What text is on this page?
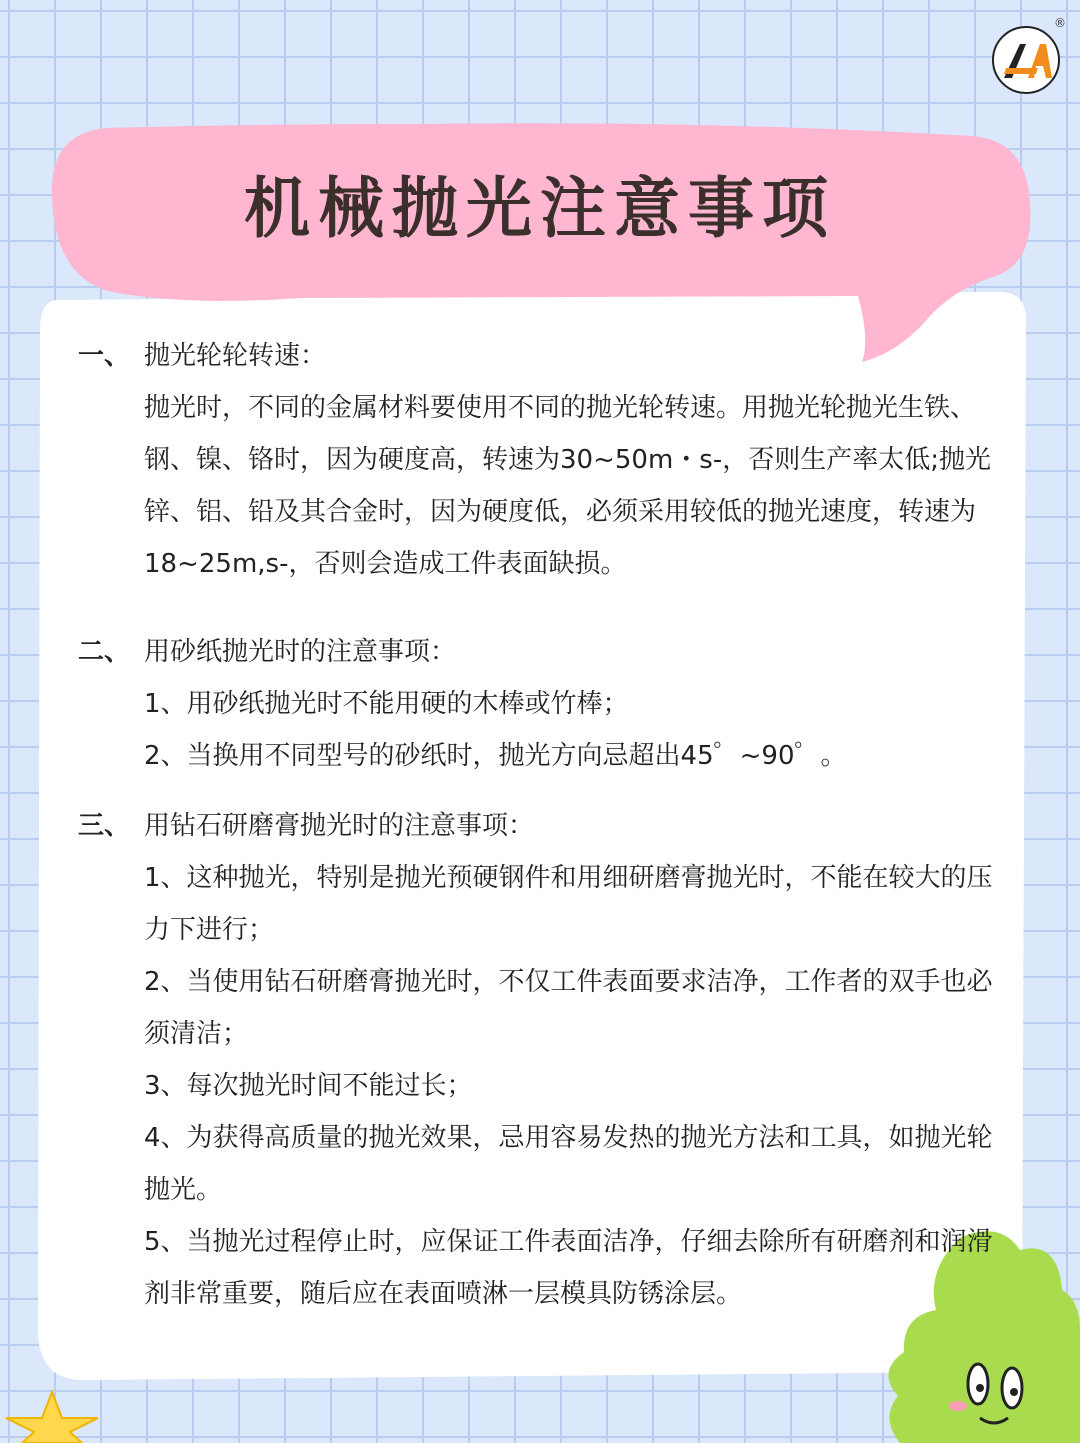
®
机械抛光注意事项
一、 抛光轮轮转速：
抛光时，不同的金属材料要使用不同的抛光轮转速。用抛光轮抛光生铁、钢、镍、铬时，因为硬度高，转速为30~50m・s-，否则生产率太低;抛光锌、铝、铅及其合金时，因为硬度低，必须采用较低的抛光速度，转速为18~25m,s-，否则会造成工件表面缺损。
二、 用砂纸抛光时的注意事项：
1、用砂纸抛光时不能用硬的木棒或竹棒；
2、当换用不同型号的砂纸时，抛光方向忌超出45゜~90゜。
三、 用钻石研磨膏抛光时的注意事项：
1、这种抛光，特别是抛光预硬钢件和用细研磨膏抛光时，不能在较大的压力下进行；
2、当使用钻石研磨膏抛光时，不仅工件表面要求洁净，工作者的双手也必须清洁；
3、每次抛光时间不能过长；
4、为获得高质量的抛光效果，忌用容易发热的抛光方法和工具，如抛光轮抛光。
5、当抛光过程停止时，应保证工件表面洁净，仔细去除所有研磨剂和润滑剂非常重要，随后应在表面喷淋一层模具防锈涂层。
